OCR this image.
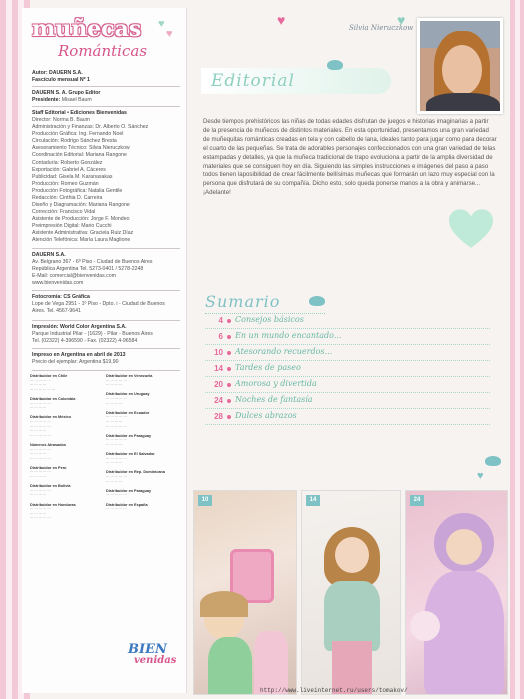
muñecas
Románticas
♥
♥
Autor: DAUERN S.A.
Fascículo mensual Nº 1
DAUERN S. A. Grupo Editor
Presidente: Misael Baum
Staff Editorial • Ediciones Bienvenidas
Director: Norma B. Baum
Administración y Finanzas: Dr. Alberto O. Sánchez
Producción Gráfica: Ing. Fernando Noel
Circulación: Rodrigo Sánchez Bresta
Asesoramiento Técnico: Silvia Nieruczkow
Coordinación Editorial: Mariana Rangone
Contaduría: Roberto González
Exportación: Gabriel A. Cáceres
Publicidad: Gisela M. Karanasakas
Producción: Romeo Guzmán
Producción Fotográfica: Natalia Gentile
Redacción: Cinthia D. Carreira
Diseño y Diagramación: Mariana Rangone
Corrección: Francisco Vidal
Asistente de Producción: Jorge F. Mondeo
Preimpresión Digital: Mario Cucchi
Asistente Administrativa: Graciela Ruiz Díaz
Atención Telefónica: María Laura Maglione
DAUERN S.A.
Av. Belgrano 367 - 6º Piso - Ciudad de Buenos Aires
República Argentina Tel. 5273-0401 / 5278-2248
E-Mail: comercial@bienvenidas.com
www.bienvenidas.com
Fotocromía: CS Gráfica
Lope de Vega 2951 - 1º Piso - Dpto. i - Ciudad de Buenos
Aires. Tel. 4567-9641
Impresión: World Color Argentina S.A.
Parque Industrial Pilar - (1629) - Pilar - Buenos Aires
Tel. (02322) 4-396590 - Fax. (02322) 4-96584
Impreso en Argentina en abril de 2013
Precio del ejemplar: Argentina $19,90
Distribuidor en Chile
··· ··· ··· ··· ···
··· ··· ··· ···
··· ··· ··· ··· ··· ···

Distribuidor en Colombia
··· ··· ··· ··· ···
··· ··· ··· ···

Distribuidor en México
··· ··· ··· ··· ···
··· ··· ··· ··· ···
··· ··· ··· ···
··· ··· ··· ··· ···

Números Atrasados
··· ··· ··· ··· ···
··· ··· ··· ···
··· ··· ··· ··· ···

Distribuidor en Perú
··· ··· ··· ··· ···
··· ··· ··· ···

Distribuidor en Bolivia
··· ··· ··· ··· ···
··· ··· ··· ···

Distribuidor en Honduras
··· ··· ··· ··· ···
··· ··· ··· ···
··· ··· ··· ··· ···
Distribuidor en Venezuela
··· ··· ··· ··· ···
··· ··· ··· ···

Distribuidor en Uruguay
··· ··· ··· ··· ···
··· ··· ··· ···

Distribuidor en Ecuador
··· ··· ··· ··· ···
··· ··· ··· ···
··· ··· ··· ··· ···

Distribuidor en Paraguay
··· ··· ··· ··· ···
··· ··· ··· ···

Distribuidor en El Salvador
··· ··· ··· ··· ···
··· ··· ··· ···

Distribuidor en Rep. Dominicana
··· ··· ··· ··· ···
··· ··· ··· ···

Distribuidor en Paraguay
··· ··· ··· ··· ···

Distribuidor en España
··· ··· ··· ··· ···
BIEN
venidas
♥	♥
Silvia Nieruczkow
Editorial
Desde tiempos prehistóricos las niñas de todas edades disfrutan de juegos e historias imaginarias a partir de la presencia de muñecos de distintos materiales. En esta oportunidad, presentamos una gran variedad de muñequitas románticas creadas en tela y con cabello de lana, ideales tanto para jugar como para decorar el cuarto de las pequeñas. Se trata de adorables personajes confeccionados con una gran variedad de telas estampadas y detalles, ya que la muñeca tradicional de trapo evoluciona a partir de la amplia diversidad de materiales que se consiguen hoy en día. Siguiendo las simples instrucciones e imágenes del paso a paso todos tienen laposibilidad de crear fácilmente bellísimas muñecas que formarán un lazo muy especial con la persona que disfrutará de su compañía. Dicho esto, solo queda ponerse manos a la obra y animarse... ¡Adelante!
Sumario
4 Consejos básicos
6 En un mundo encantado...
10 Atesorando recuerdos...
14 Tardes de paseo
20 Amorosa y divertida
24 Noches de fantasía
28 Dulces abrazos
♥
10	14	24
http://www.liveinternet.ru/users/tomakov/
